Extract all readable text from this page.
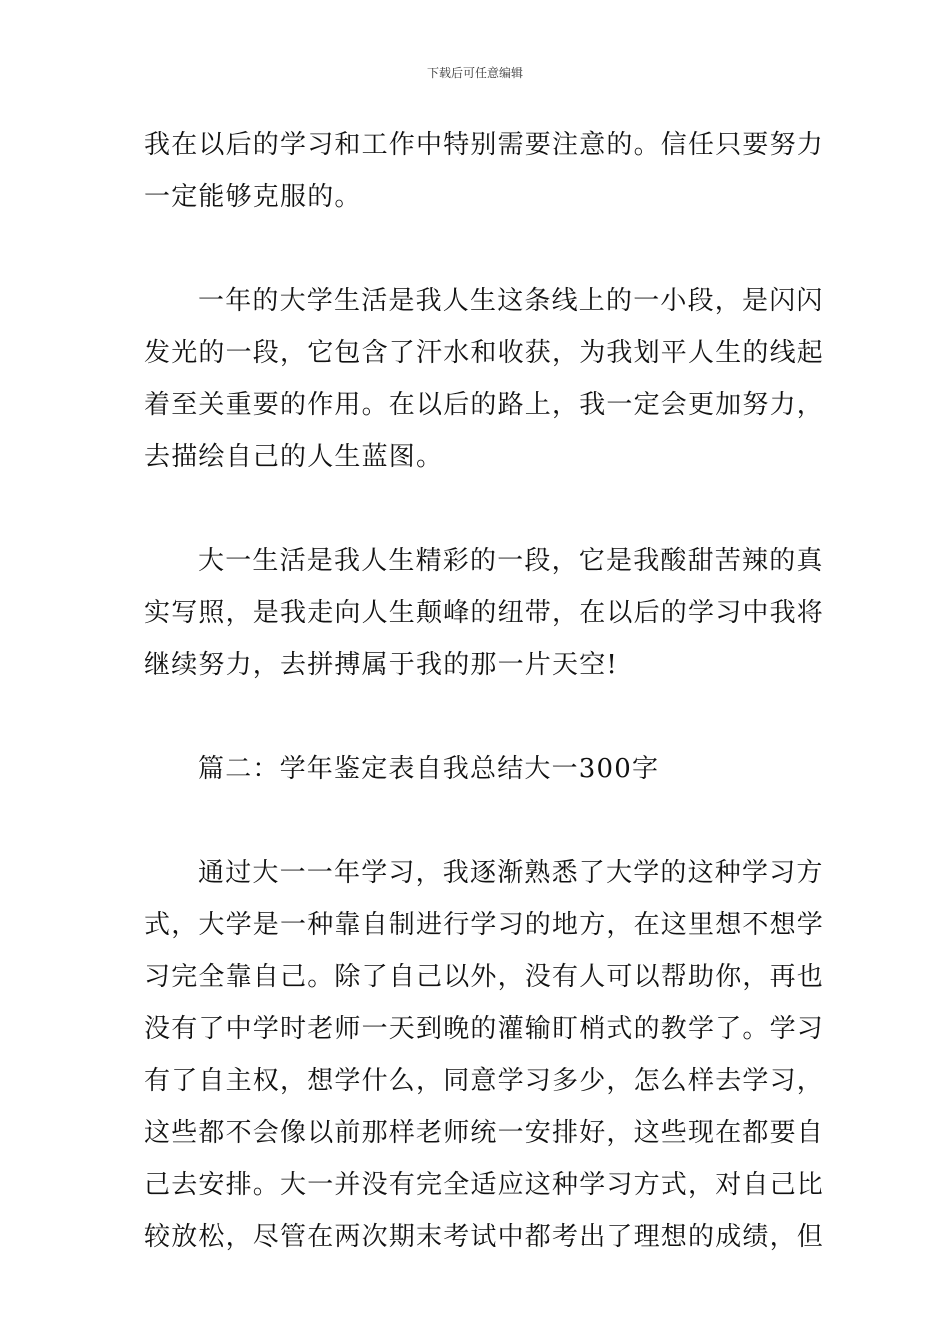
下载后可任意编辑
我在以后的学习和工作中特别需要注意的。信任只要努力
一定能够克服的。
一年的大学生活是我人生这条线上的一小段，是闪闪
发光的一段，它包含了汗水和收获，为我划平人生的线起
着至关重要的作用。在以后的路上，我一定会更加努力，
去描绘自己的人生蓝图。
大一生活是我人生精彩的一段，它是我酸甜苦辣的真
实写照，是我走向人生颠峰的纽带，在以后的学习中我将
继续努力，去拼搏属于我的那一片天空!
篇二：学年鉴定表自我总结大一300字
通过大一一年学习，我逐渐熟悉了大学的这种学习方
式，大学是一种靠自制进行学习的地方，在这里想不想学
习完全靠自己。除了自己以外，没有人可以帮助你，再也
没有了中学时老师一天到晚的灌输盯梢式的教学了。学习
有了自主权，想学什么，同意学习多少，怎么样去学习，
这些都不会像以前那样老师统一安排好，这些现在都要自
己去安排。大一并没有完全适应这种学习方式，对自己比
较放松，尽管在两次期末考试中都考出了理想的成绩，但
